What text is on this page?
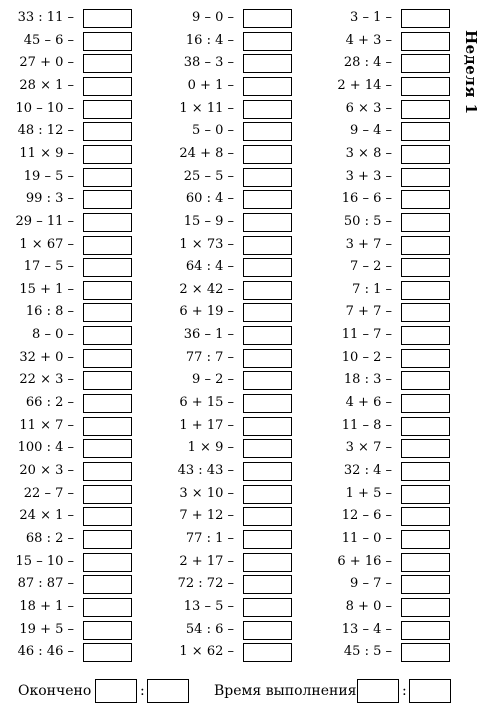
33 : 11 –
45 – 6 –
27 + 0 –
28 × 1 –
10 – 10 –
48 : 12 –
11 × 9 –
19 – 5 –
99 : 3 –
29 – 11 –
1 × 67 –
17 – 5 –
15 + 1 –
16 : 8 –
8 – 0 –
32 + 0 –
22 × 3 –
66 : 2 –
11 × 7 –
100 : 4 –
20 × 3 –
22 – 7 –
24 × 1 –
68 : 2 –
15 – 10 –
87 : 87 –
18 + 1 –
19 + 5 –
46 : 46 –
9 – 0 –
16 : 4 –
38 – 3 –
0 + 1 –
1 × 11 –
5 – 0 –
24 + 8 –
25 – 5 –
60 : 4 –
15 – 9 –
1 × 73 –
64 : 4 –
2 × 42 –
6 + 19 –
36 – 1 –
77 : 7 –
9 – 2 –
6 + 15 –
1 + 17 –
1 × 9 –
43 : 43 –
3 × 10 –
7 + 12 –
77 : 1 –
2 + 17 –
72 : 72 –
13 – 5 –
54 : 6 –
1 × 62 –
3 – 1 –
4 + 3 –
28 : 4 –
2 + 14 –
6 × 3 –
9 – 4 –
3 × 8 –
3 + 3 –
16 – 6 –
50 : 5 –
3 + 7 –
7 – 2 –
7 : 1 –
7 + 7 –
11 – 7 –
10 – 2 –
18 : 3 –
4 + 6 –
11 – 8 –
3 × 7 –
32 : 4 –
1 + 5 –
12 – 6 –
11 – 0 –
6 + 16 –
9 – 7 –
8 + 0 –
13 – 4 –
45 : 5 –
Неделя 1
Окончено	:	Время выполнения	:
